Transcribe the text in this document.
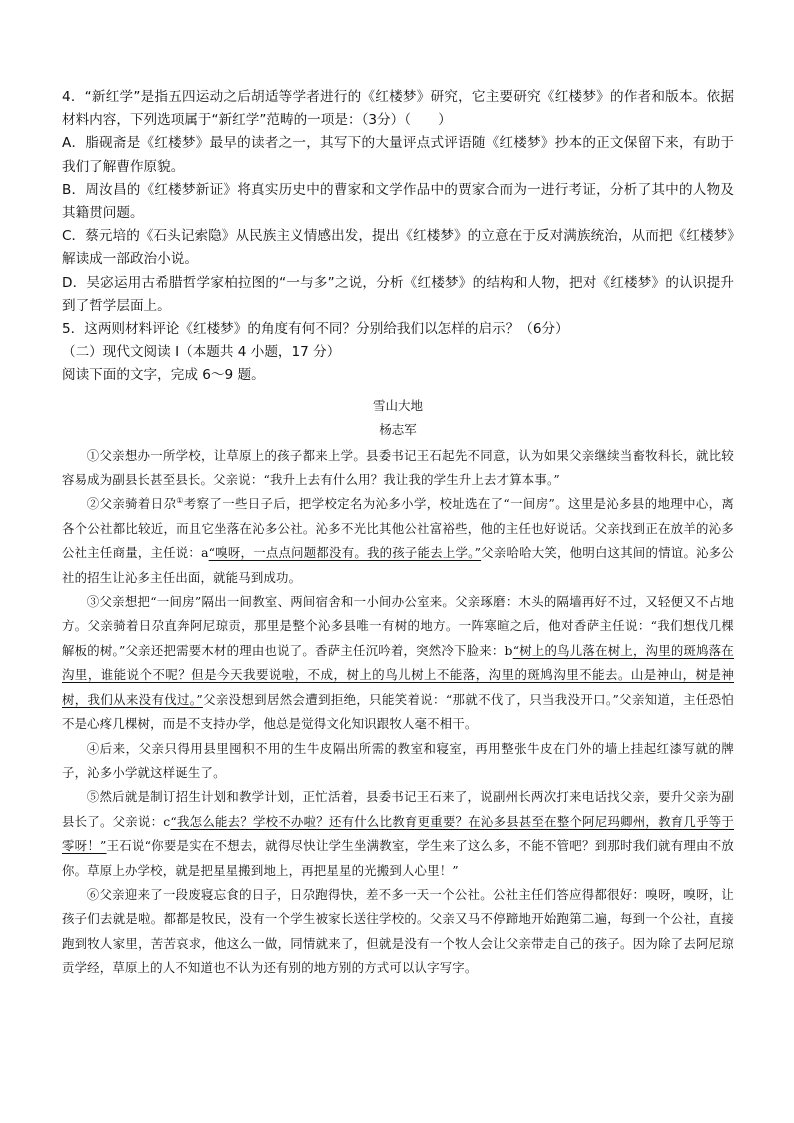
4．“新红学”是指五四运动之后胡适等学者进行的《红楼梦》研究，它主要研究《红楼梦》的作者和版本。依据材料内容，下列选项属于“新红学”范畴的一项是：（3分）（　　）

A．脂砚斋是《红楼梦》最早的读者之一，其写下的大量评点式评语随《红楼梦》抄本的正文保留下来，有助于我们了解曹作原貌。

B．周汝昌的《红楼梦新证》将真实历史中的曹家和文学作品中的贾家合而为一进行考证，分析了其中的人物及其籍贯问题。

C．蔡元培的《石头记索隐》从民族主义情感出发，提出《红楼梦》的立意在于反对满族统治，从而把《红楼梦》解读成一部政治小说。

D．吴宓运用古希腊哲学家柏拉图的“一与多”之说，分析《红楼梦》的结构和人物，把对《红楼梦》的认识提升到了哲学层面上。

5．这两则材料评论《红楼梦》的角度有何不同？分别给我们以怎样的启示？（6分）

（二）现代文阅读 I（本题共 4 小题，17 分）

阅读下面的文字，完成 6～9 题。

雪山大地
杨志军

①父亲想办一所学校，让草原上的孩子都来上学。县委书记王石起先不同意，认为如果父亲继续当畜牧科长，就比较容易成为副县长甚至县长。父亲说：“我升上去有什么用？我让我的学生升上去才算本事。”

②父亲骑着日尕①考察了一些日子后，把学校定名为沁多小学，校址选在了“一间房”。这里是沁多县的地理中心，离各个公社都比较近，而且它坐落在沁多公社。沁多不光比其他公社富裕些，他的主任也好说话。父亲找到正在放羊的沁多公社主任商量，主任说：a“嗅呀，一点点问题都没有。我的孩子能去上学。”父亲哈哈大笑，他明白这其间的情谊。沁多公社的招生让沁多主任出面，就能马到成功。

③父亲想把“一间房”隔出一间教室、两间宿舍和一小间办公室来。父亲琢磨：木头的隔墙再好不过，又轻便又不占地方。父亲骑着日尕直奔阿尼琼贡，那里是整个沁多县唯一有树的地方。一阵寒暄之后，他对香萨主任说：“我们想伐几棵解板的树。”父亲还把需要木材的理由也说了。香萨主任沉吟着，突然冷下脸来：b“树上的鸟儿落在树上，沟里的斑鸠落在沟里，谁能说个不呢？但是今天我要说啦，不成，树上的鸟儿树上不能落，沟里的斑鸠沟里不能去。山是神山，树是神树，我们从来没有伐过。”父亲没想到居然会遭到拒绝，只能笑着说：“那就不伐了，只当我没开口。”父亲知道，主任恐怕不是心疼几棵树，而是不支持办学，他总是觉得文化知识跟牧人毫不相干。

④后来，父亲只得用县里囤积不用的生牛皮隔出所需的教室和寝室，再用整张牛皮在门外的墙上挂起红漆写就的牌子，沁多小学就这样诞生了。

⑤然后就是制订招生计划和教学计划，正忙活着，县委书记王石来了，说副州长两次打来电话找父亲，要升父亲为副县长了。父亲说：c“我怎么能去？学校不办啦？还有什么比教育更重要？在沁多县甚至在整个阿尼玛卿州，教育几乎等于零呀！”王石说“你要是实在不想去，就得尽快让学生坐满教室，学生来了这么多，不能不管吧？到那时我们就有理由不放你。草原上办学校，就是把星星搬到地上，再把星星的光搬到人心里！”

⑥父亲迎来了一段废寝忘食的日子，日尕跑得快，差不多一天一个公社。公社主任们答应得都很好：嗅呀，嗅呀，让孩子们去就是啦。都都是牧民，没有一个学生被家长送往学校的。父亲又马不停蹄地开始跑第二遍，每到一个公社，直接跑到牧人家里，苦苦哀求，他这么一做，同情就来了，但就是没有一个牧人会让父亲带走自己的孩子。因为除了去阿尼琼贡学经，草原上的人不知道也不认为还有别的地方别的方式可以认字写字。
